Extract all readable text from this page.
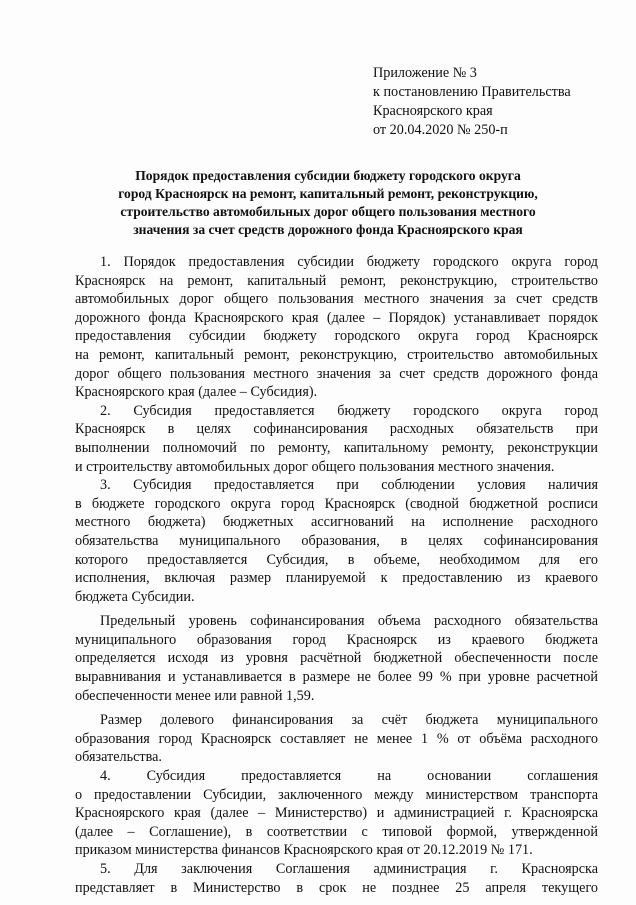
Приложение № 3
к постановлению Правительства
Красноярского края
от 20.04.2020 № 250-п
Порядок предоставления субсидии бюджету городского округа
город Красноярск на ремонт, капитальный ремонт, реконструкцию,
строительство автомобильных дорог общего пользования местного
значения за счет средств дорожного фонда Красноярского края
1. Порядок предоставления субсидии бюджету городского округа город
Красноярск на ремонт, капитальный ремонт, реконструкцию, строительство
автомобильных дорог общего пользования местного значения за счет средств
дорожного фонда Красноярского края (далее – Порядок) устанавливает порядок
предоставления субсидии бюджету городского округа город Красноярск
на ремонт, капитальный ремонт, реконструкцию, строительство автомобильных
дорог общего пользования местного значения за счет средств дорожного фонда
Красноярского края (далее – Субсидия).
2. Субсидия предоставляется бюджету городского округа город
Красноярск в целях софинансирования расходных обязательств при
выполнении полномочий по ремонту, капитальному ремонту, реконструкции
и строительству автомобильных дорог общего пользования местного значения.
3. Субсидия предоставляется при соблюдении условия наличия
в бюджете городского округа город Красноярск (сводной бюджетной росписи
местного бюджета) бюджетных ассигнований на исполнение расходного
обязательства муниципального образования, в целях софинансирования
которого предоставляется Субсидия, в объеме, необходимом для его
исполнения, включая размер планируемой к предоставлению из краевого
бюджета Субсидии.
Предельный уровень софинансирования объема расходного обязательства
муниципального образования город Красноярск из краевого бюджета
определяется исходя из уровня расчётной бюджетной обеспеченности после
выравнивания и устанавливается в размере не более 99 % при уровне расчетной
обеспеченности менее или равной 1,59.
Размер долевого финансирования за счёт бюджета муниципального
образования город Красноярск составляет не менее 1 % от объёма расходного
обязательства.
4. Субсидия предоставляется на основании соглашения
о предоставлении Субсидии, заключенного между министерством транспорта
Красноярского края (далее – Министерство) и администрацией г. Красноярска
(далее – Соглашение), в соответствии с типовой формой, утвержденной
приказом министерства финансов Красноярского края от 20.12.2019 № 171.
5. Для заключения Соглашения администрация г. Красноярска
представляет в Министерство в срок не позднее 25 апреля текущего
